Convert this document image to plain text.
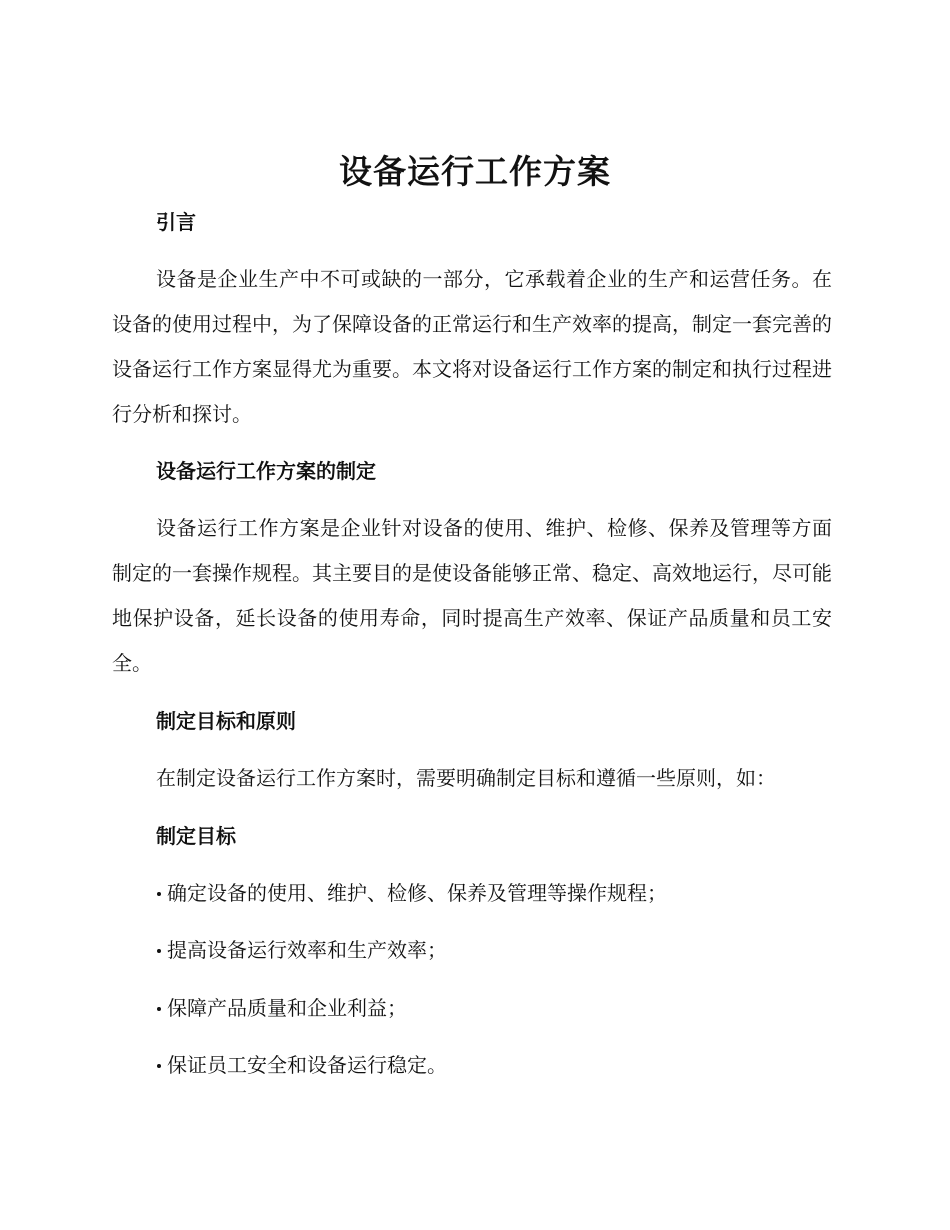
设备运行工作方案
引言

设备是企业生产中不可或缺的一部分，它承载着企业的生产和运营任务。在设备的使用过程中，为了保障设备的正常运行和生产效率的提高，制定一套完善的设备运行工作方案显得尤为重要。本文将对设备运行工作方案的制定和执行过程进行分析和探讨。

设备运行工作方案的制定

设备运行工作方案是企业针对设备的使用、维护、检修、保养及管理等方面制定的一套操作规程。其主要目的是使设备能够正常、稳定、高效地运行，尽可能地保护设备，延长设备的使用寿命，同时提高生产效率、保证产品质量和员工安全。

制定目标和原则
在制定设备运行工作方案时，需要明确制定目标和遵循一些原则，如：
制定目标
确定设备的使用、维护、检修、保养及管理等操作规程；
提高设备运行效率和生产效率；
保障产品质量和企业利益；
保证员工安全和设备运行稳定。
